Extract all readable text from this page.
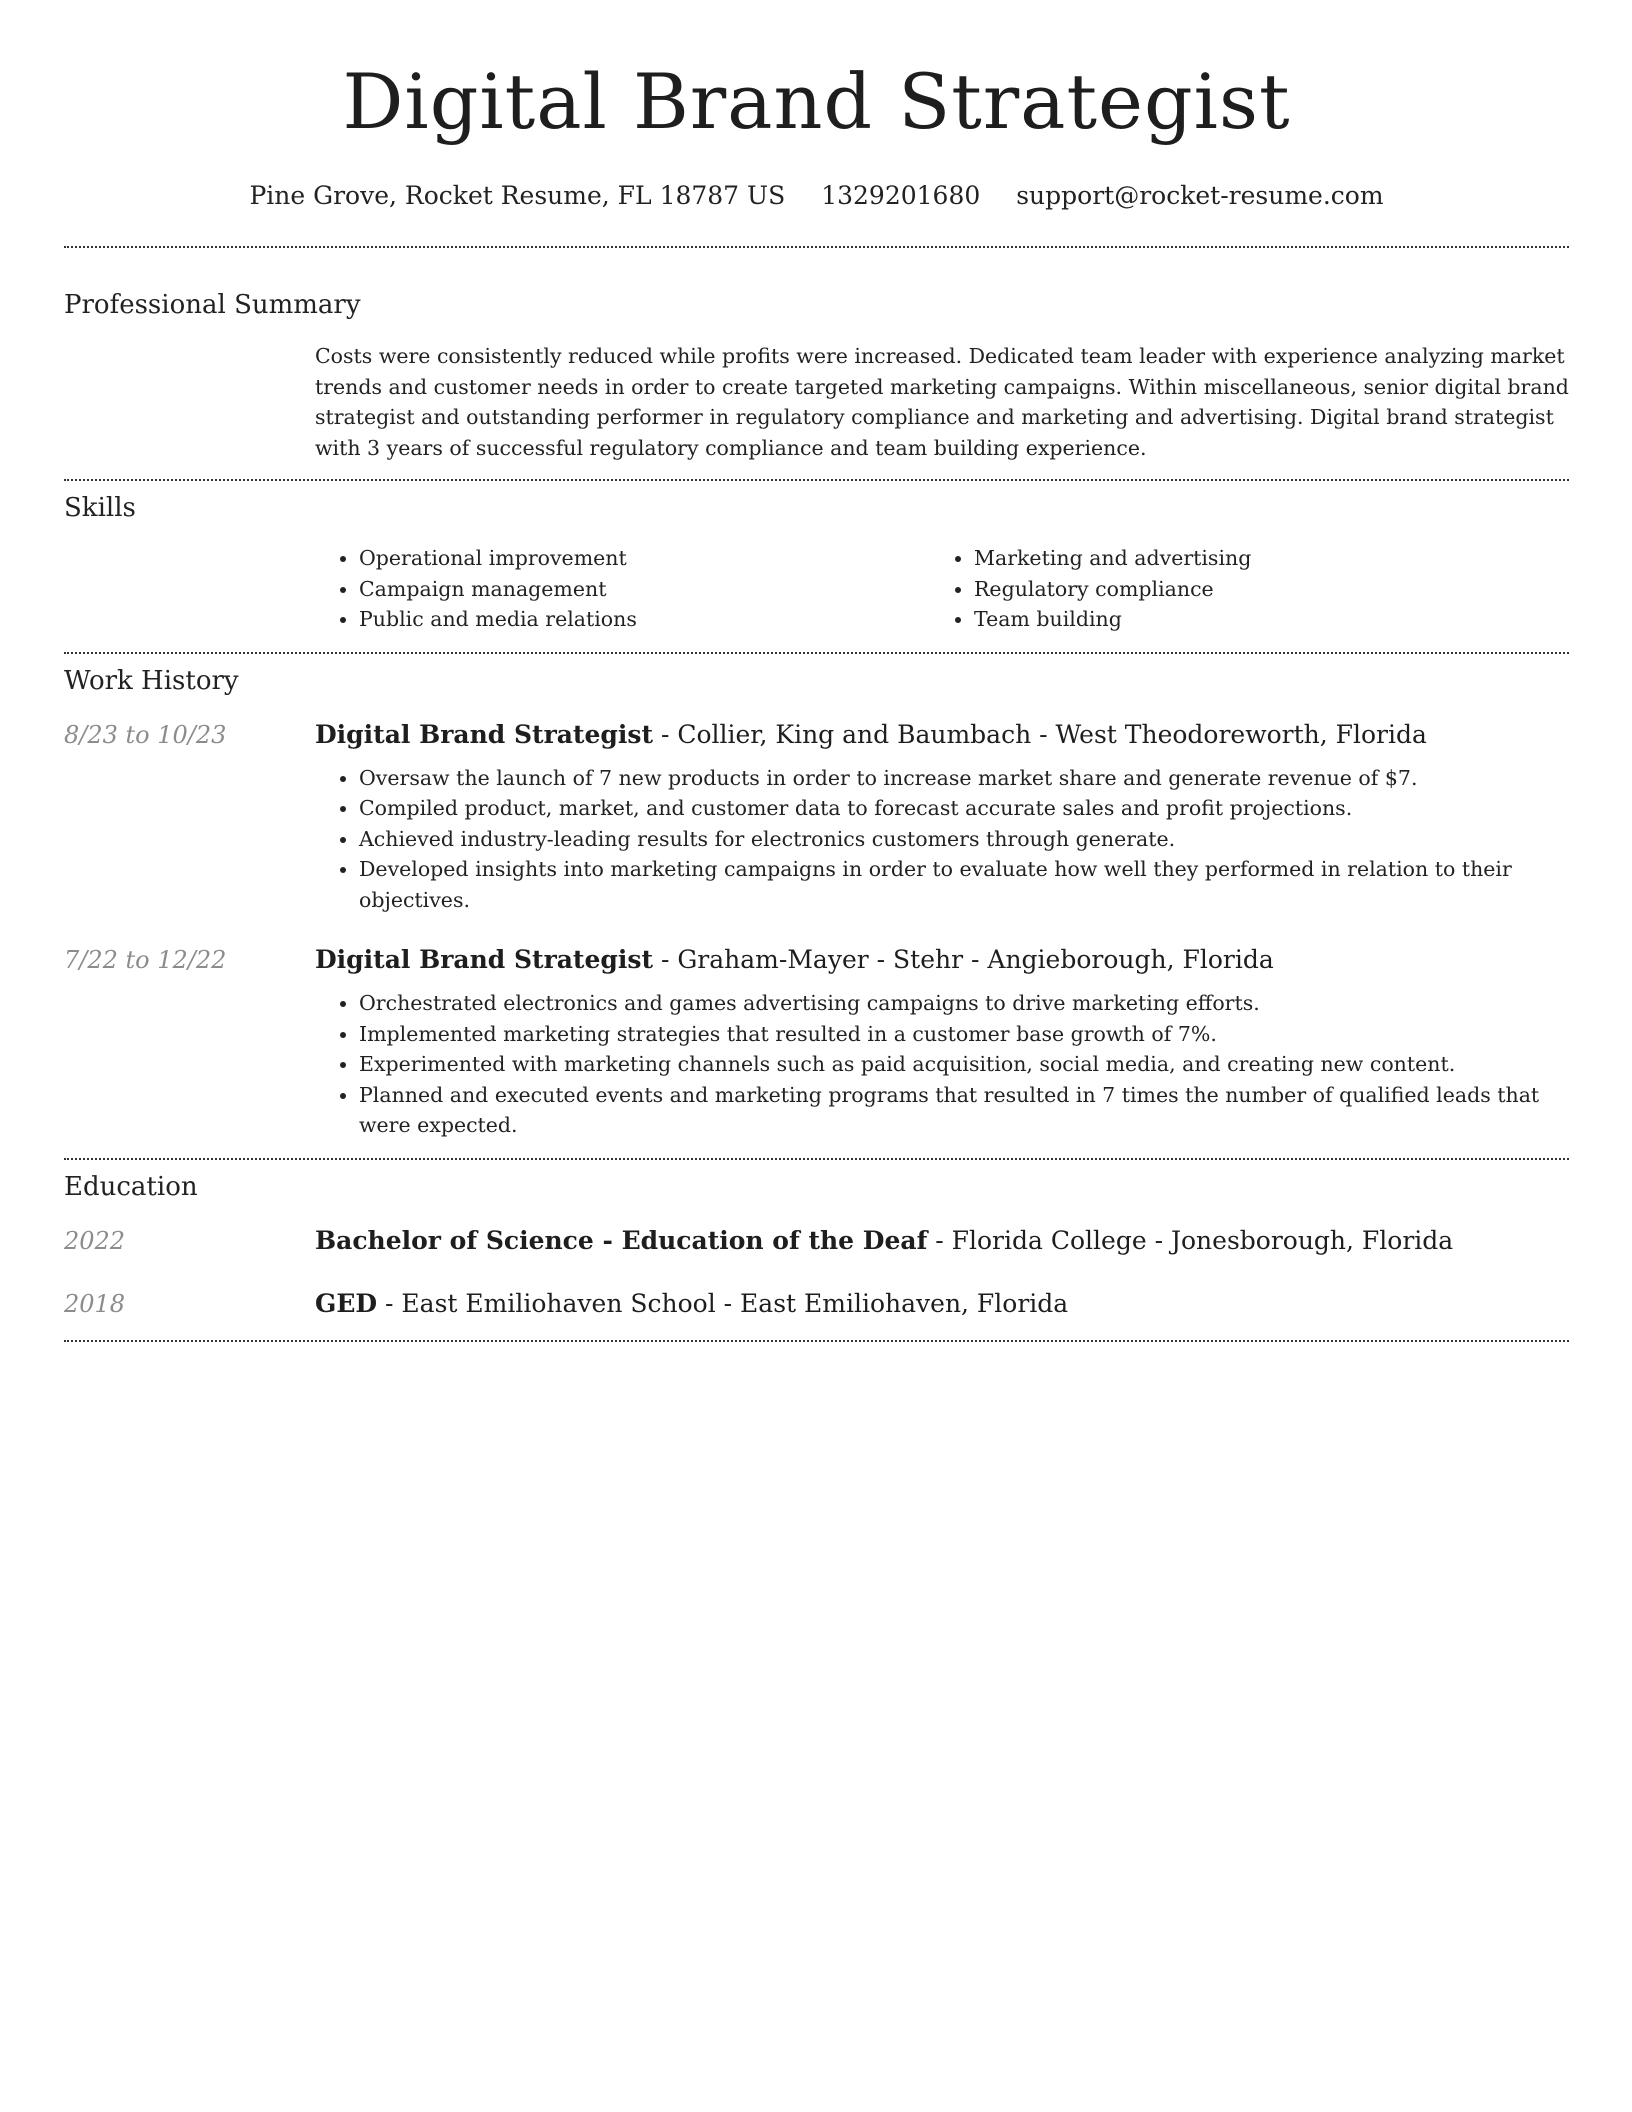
Digital Brand Strategist
Pine Grove, Rocket Resume, FL 18787 US 1329201680 support@rocket-resume.com
Professional Summary
Costs were consistently reduced while profits were increased. Dedicated team leader with experience analyzing market trends and customer needs in order to create targeted marketing campaigns. Within miscellaneous, senior digital brand strategist and outstanding performer in regulatory compliance and marketing and advertising. Digital brand strategist with 3 years of successful regulatory compliance and team building experience.
Skills
• Operational improvement
• Campaign management
• Public and media relations
• Marketing and advertising
• Regulatory compliance
• Team building
Work History
8/23 to 10/23	Digital Brand Strategist - Collier, King and Baumbach - West Theodoreworth, Florida
• Oversaw the launch of 7 new products in order to increase market share and generate revenue of $7.
• Compiled product, market, and customer data to forecast accurate sales and profit projections.
• Achieved industry-leading results for electronics customers through generate.
• Developed insights into marketing campaigns in order to evaluate how well they performed in relation to their objectives.
7/22 to 12/22	Digital Brand Strategist - Graham-Mayer - Stehr - Angieborough, Florida
• Orchestrated electronics and games advertising campaigns to drive marketing efforts.
• Implemented marketing strategies that resulted in a customer base growth of 7%.
• Experimented with marketing channels such as paid acquisition, social media, and creating new content.
• Planned and executed events and marketing programs that resulted in 7 times the number of qualified leads that were expected.
Education
2022	Bachelor of Science - Education of the Deaf - Florida College - Jonesborough, Florida
2018	GED - East Emiliohaven School - East Emiliohaven, Florida
